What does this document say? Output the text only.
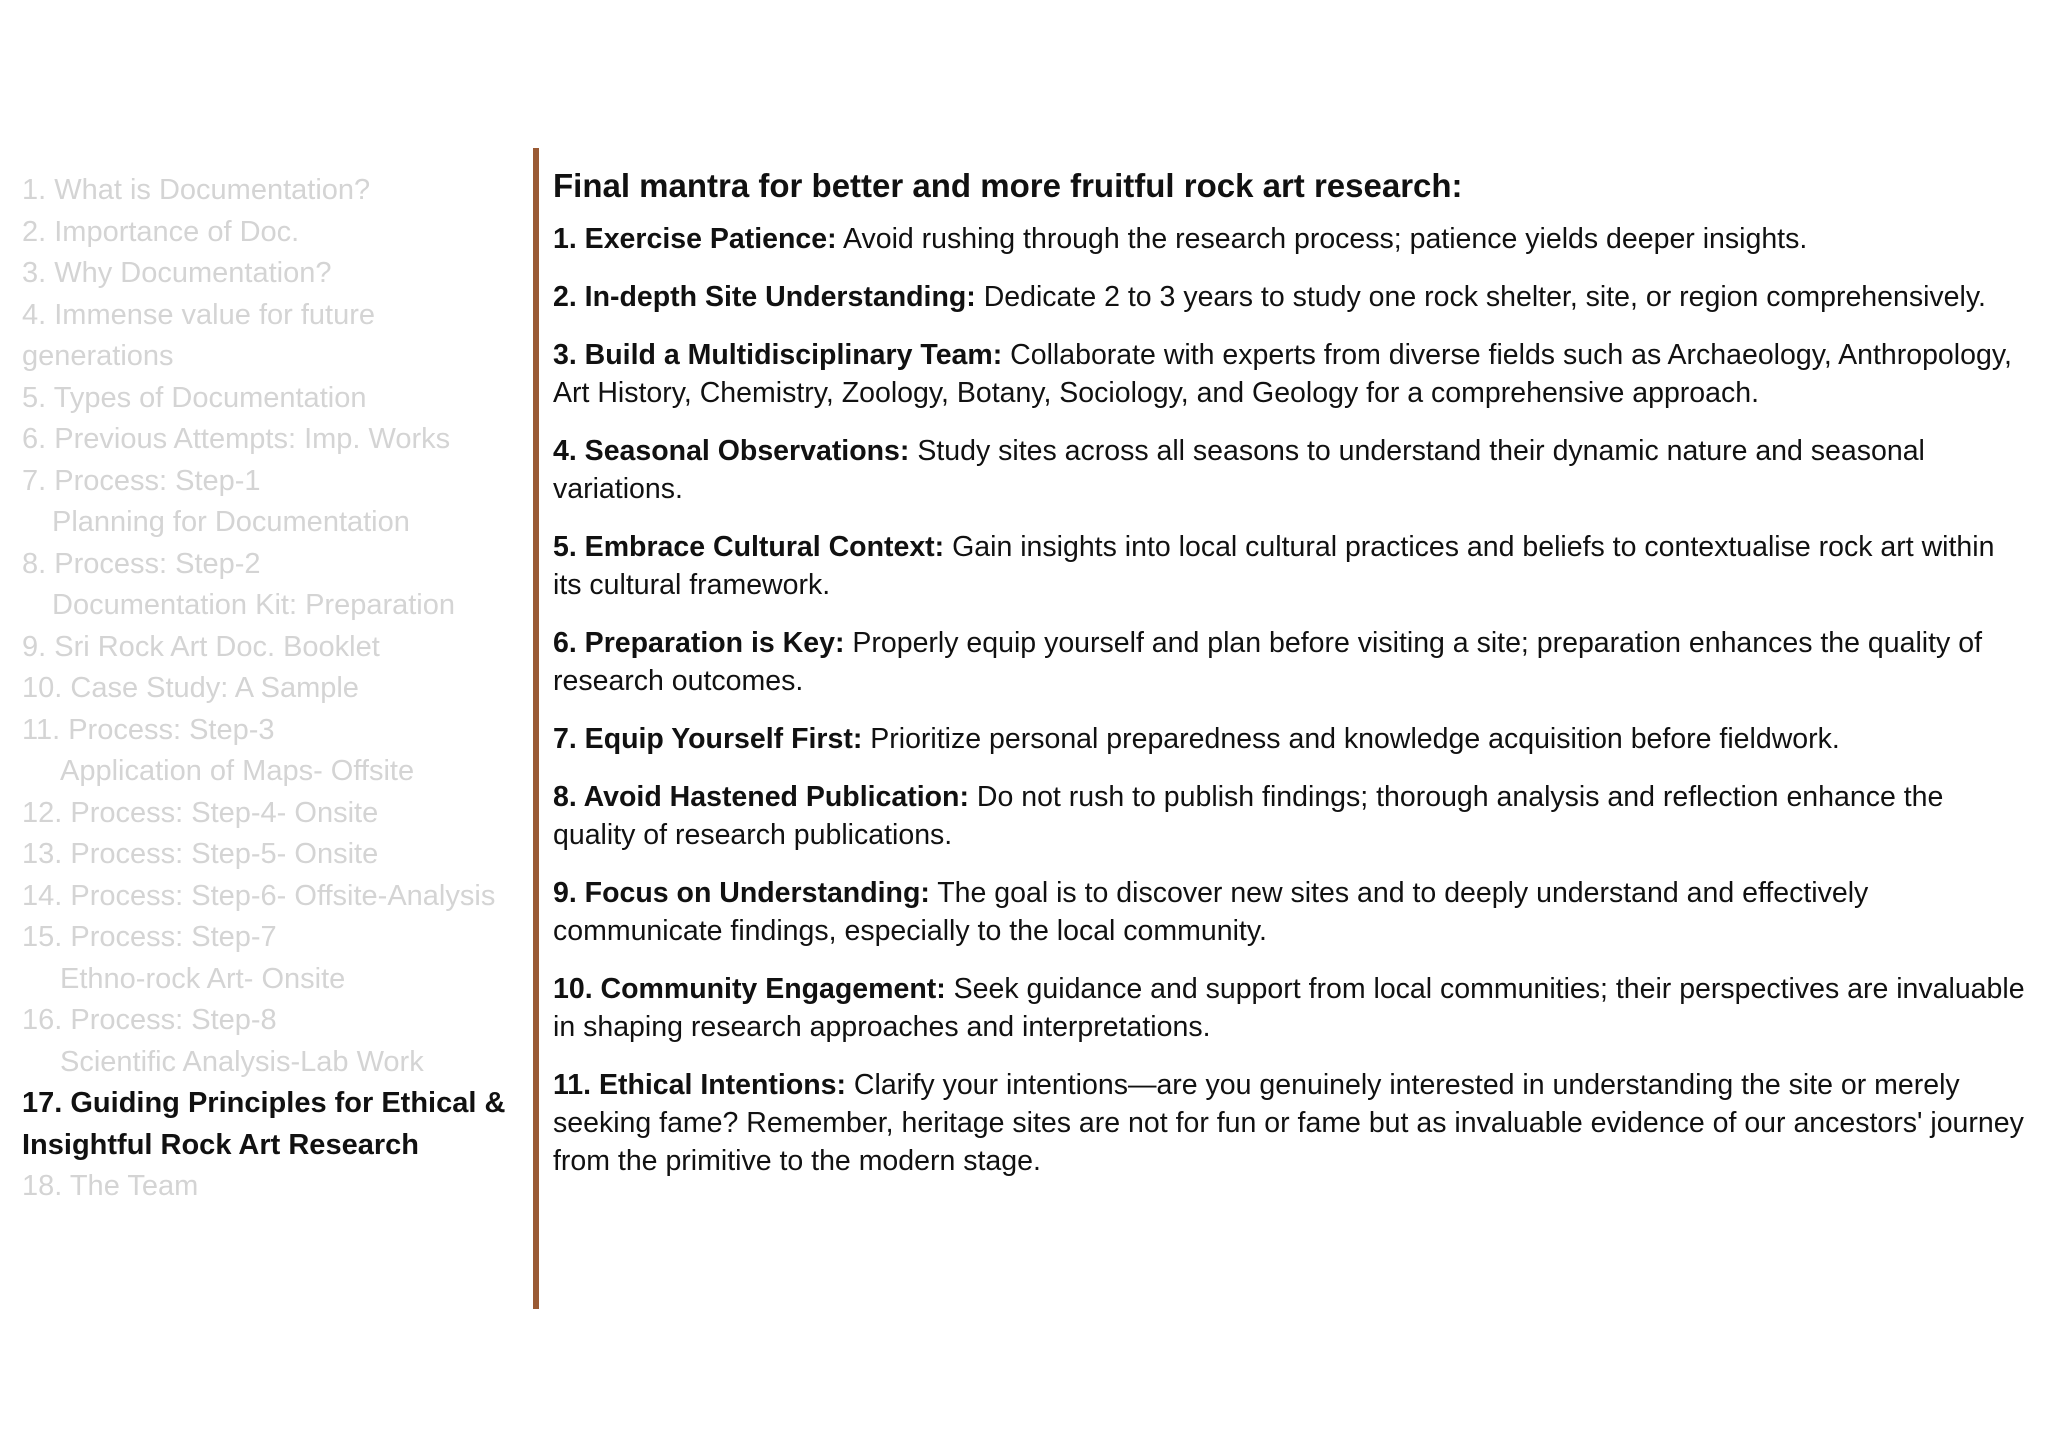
1. What is Documentation?
2. Importance of Doc.
3. Why Documentation?
4. Immense value for future generations
5. Types of Documentation
6. Previous Attempts: Imp. Works
7. Process: Step-1
Planning for Documentation
8. Process: Step-2
Documentation Kit: Preparation
9. Sri Rock Art Doc. Booklet
10. Case Study: A Sample
11. Process: Step-3
Application of Maps- Offsite
12. Process: Step-4- Onsite
13. Process: Step-5- Onsite
14. Process: Step-6- Offsite-Analysis
15. Process: Step-7
Ethno-rock Art- Onsite
16. Process: Step-8
Scientific Analysis-Lab Work
17. Guiding Principles for Ethical & Insightful Rock Art Research
18. The Team
Final mantra for better and more fruitful rock art research:
1. Exercise Patience: Avoid rushing through the research process; patience yields deeper insights.
2. In-depth Site Understanding: Dedicate 2 to 3 years to study one rock shelter, site, or region comprehensively.
3. Build a Multidisciplinary Team: Collaborate with experts from diverse fields such as Archaeology, Anthropology, Art History, Chemistry, Zoology, Botany, Sociology, and Geology for a comprehensive approach.
4. Seasonal Observations: Study sites across all seasons to understand their dynamic nature and seasonal variations.
5. Embrace Cultural Context: Gain insights into local cultural practices and beliefs to contextualise rock art within its cultural framework.
6. Preparation is Key: Properly equip yourself and plan before visiting a site; preparation enhances the quality of research outcomes.
7. Equip Yourself First: Prioritize personal preparedness and knowledge acquisition before fieldwork.
8. Avoid Hastened Publication: Do not rush to publish findings; thorough analysis and reflection enhance the quality of research publications.
9. Focus on Understanding: The goal is to discover new sites and to deeply understand and effectively communicate findings, especially to the local community.
10. Community Engagement: Seek guidance and support from local communities; their perspectives are invaluable in shaping research approaches and interpretations.
11. Ethical Intentions: Clarify your intentions—are you genuinely interested in understanding the site or merely seeking fame? Remember, heritage sites are not for fun or fame but as invaluable evidence of our ancestors' journey from the primitive to the modern stage.
